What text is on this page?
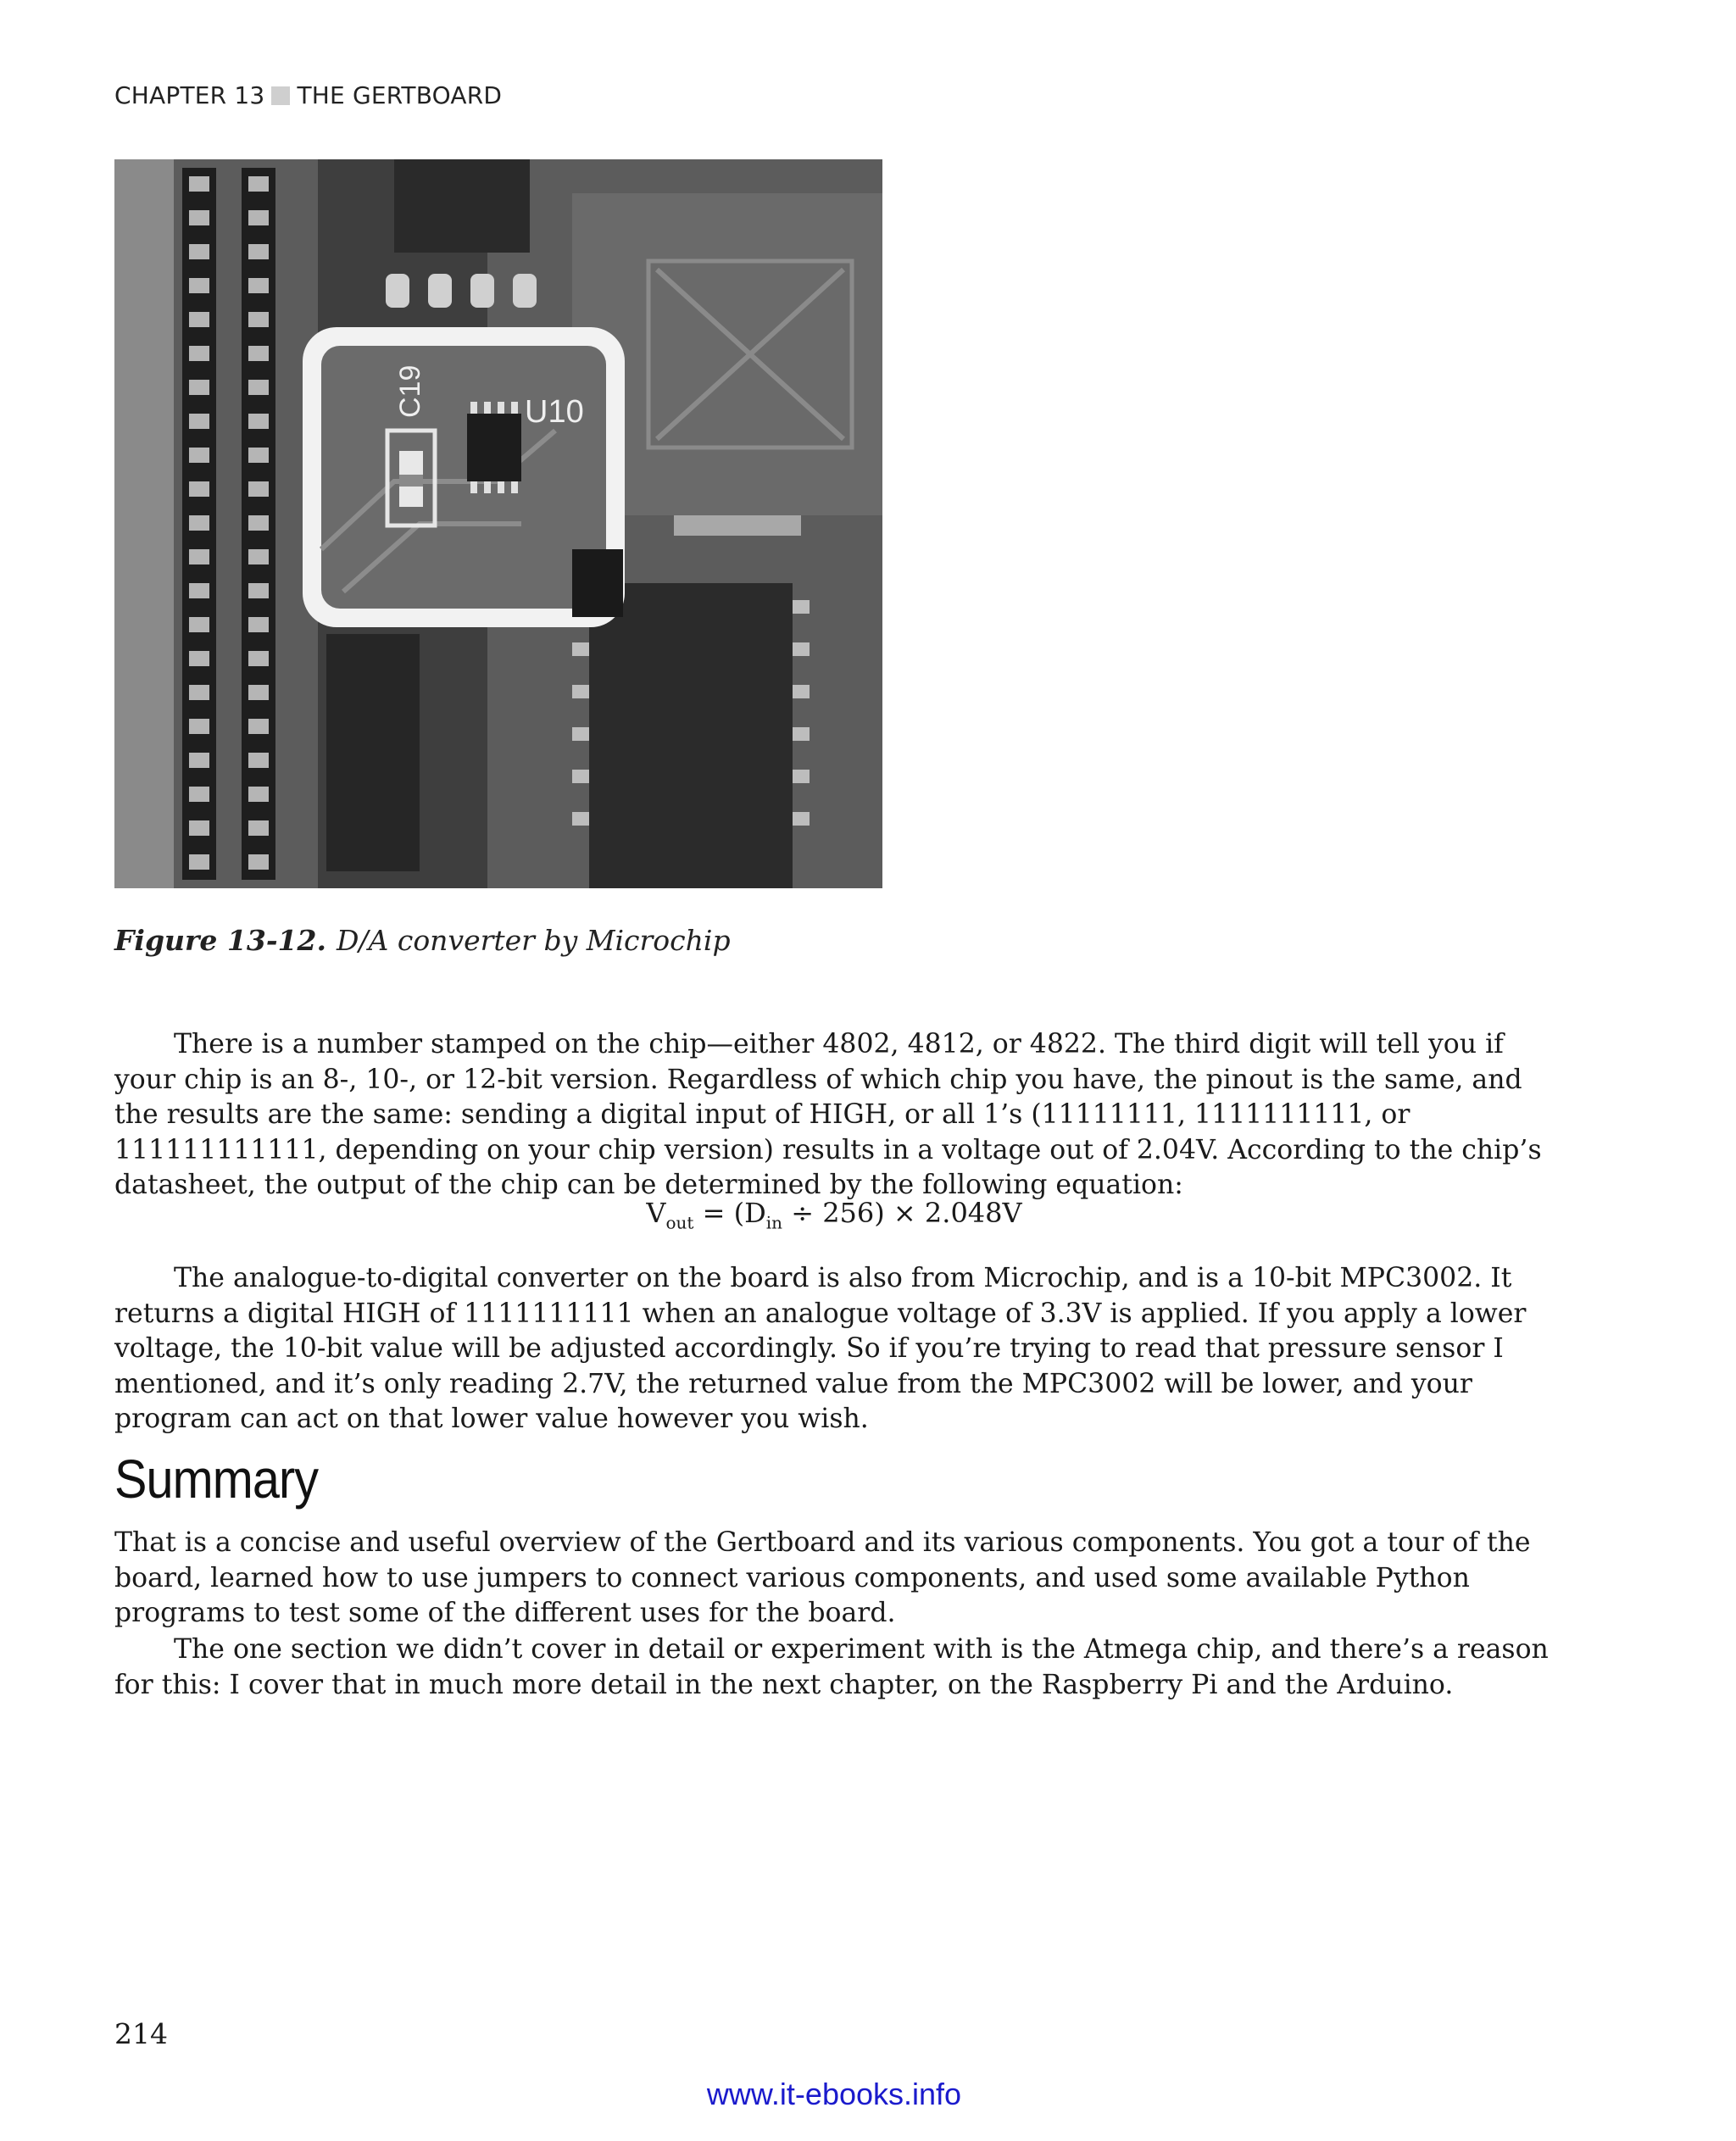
CHAPTER 13 THE GERTBOARD
C19	U10
Figure 13-12. D/A converter by Microchip

There is a number stamped on the chip—either 4802, 4812, or 4822. The third digit will tell you if your chip is an 8-, 10-, or 12-bit version. Regardless of which chip you have, the pinout is the same, and the results are the same: sending a digital input of HIGH, or all 1’s (11111111, 1111111111, or 111111111111, depending on your chip version) results in a voltage out of 2.04V. According to the chip’s datasheet, the output of the chip can be determined by the following equation:

$V_{out} = (D_{in} \div 256) \times 2.048V$

The analogue-to-digital converter on the board is also from Microchip, and is a 10-bit MPC3002. It returns a digital HIGH of 1111111111 when an analogue voltage of 3.3V is applied. If you apply a lower voltage, the 10-bit value will be adjusted accordingly. So if you’re trying to read that pressure sensor I mentioned, and it’s only reading 2.7V, the returned value from the MPC3002 will be lower, and your program can act on that lower value however you wish.

Summary

That is a concise and useful overview of the Gertboard and its various components. You got a tour of the board, learned how to use jumpers to connect various components, and used some available Python programs to test some of the different uses for the board.

The one section we didn’t cover in detail or experiment with is the Atmega chip, and there’s a reason for this: I cover that in much more detail in the next chapter, on the Raspberry Pi and the Arduino.

214
www.it-ebooks.info
